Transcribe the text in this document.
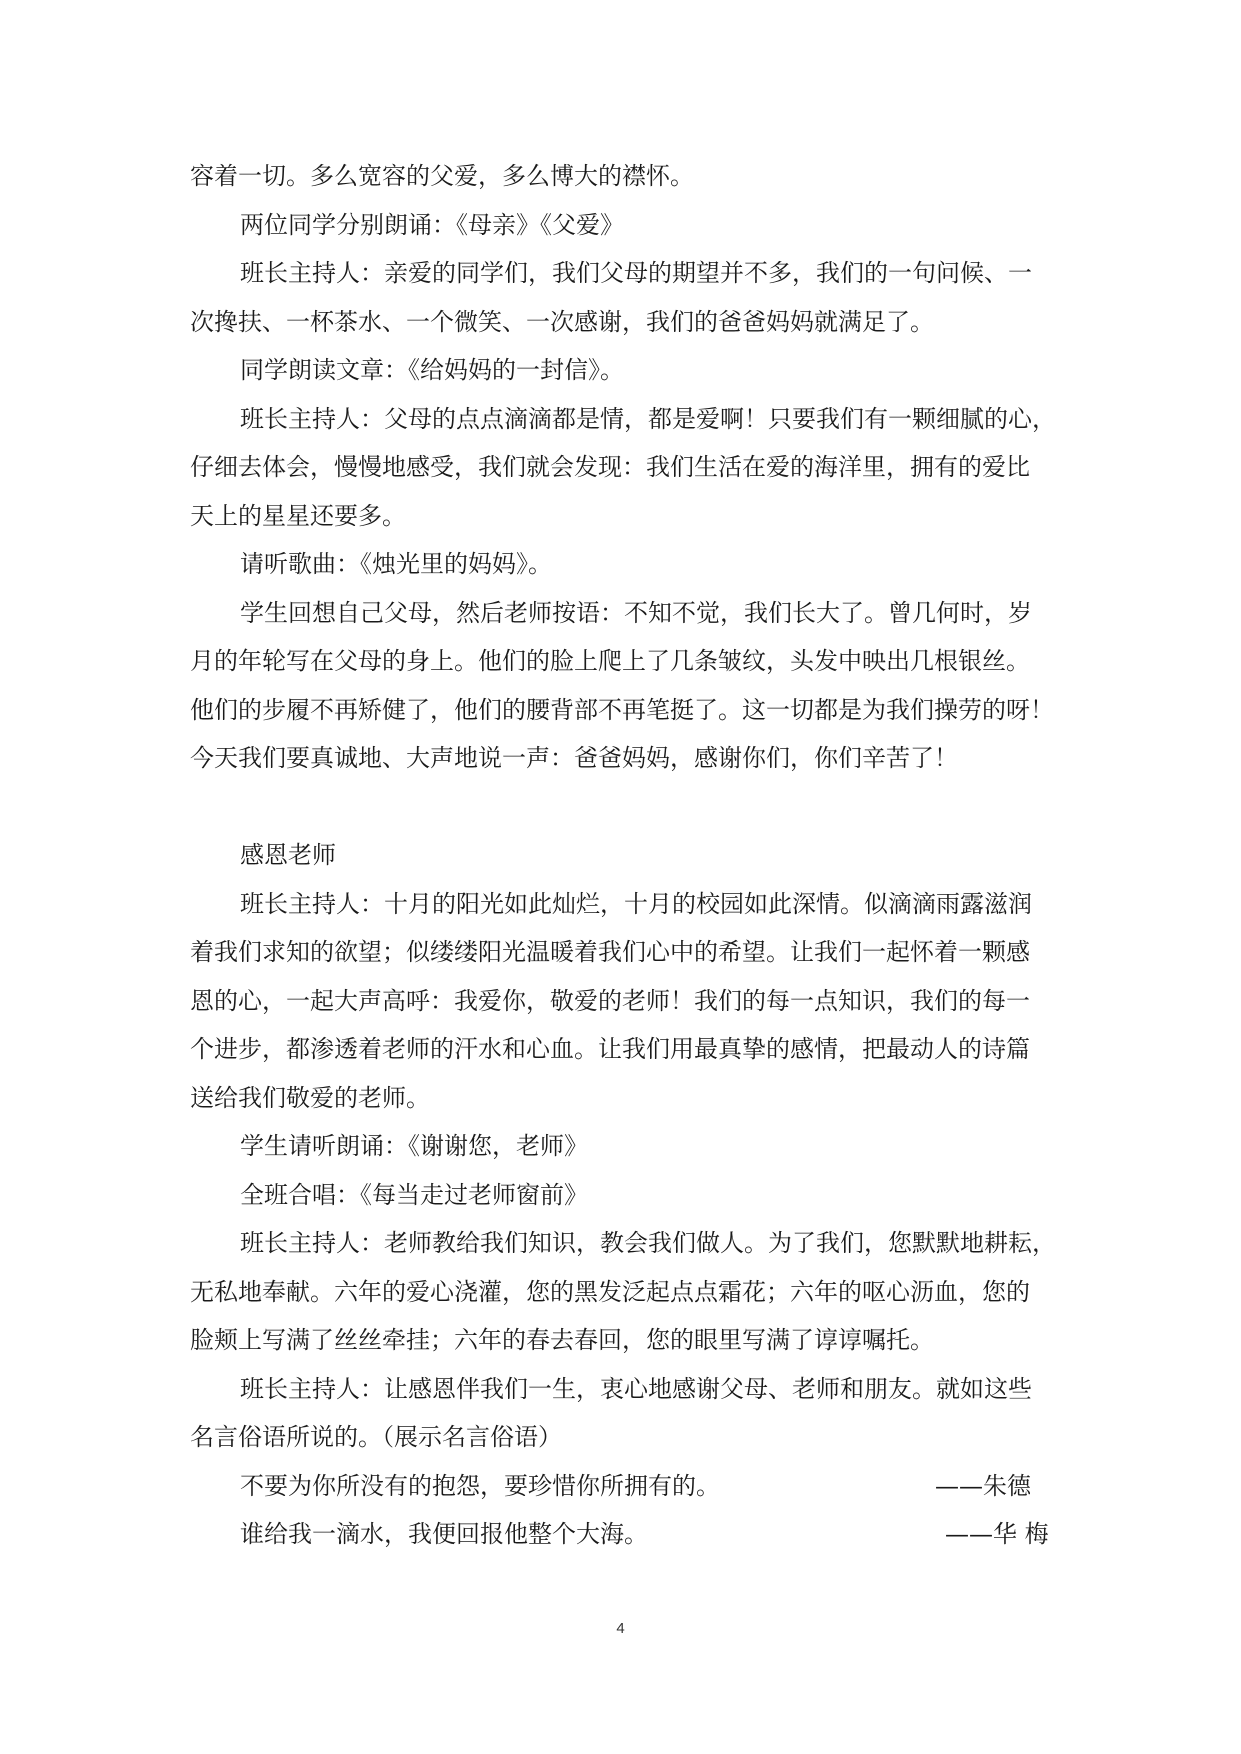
容着一切。多么宽容的父爱，多么博大的襟怀。
两位同学分别朗诵：《母亲》《父爱》
班长主持人：亲爱的同学们，我们父母的期望并不多，我们的一句问候、一
次搀扶、一杯茶水、一个微笑、一次感谢，我们的爸爸妈妈就满足了。
同学朗读文章：《给妈妈的一封信》。
班长主持人：父母的点点滴滴都是情，都是爱啊！只要我们有一颗细腻的心，
仔细去体会，慢慢地感受，我们就会发现：我们生活在爱的海洋里，拥有的爱比
天上的星星还要多。
请听歌曲：《烛光里的妈妈》。
学生回想自己父母，然后老师按语：不知不觉，我们长大了。曾几何时，岁
月的年轮写在父母的身上。他们的脸上爬上了几条皱纹，头发中映出几根银丝。
他们的步履不再矫健了，他们的腰背部不再笔挺了。这一切都是为我们操劳的呀！
今天我们要真诚地、大声地说一声：爸爸妈妈，感谢你们，你们辛苦了！
感恩老师
班长主持人：十月的阳光如此灿烂，十月的校园如此深情。似滴滴雨露滋润
着我们求知的欲望；似缕缕阳光温暖着我们心中的希望。让我们一起怀着一颗感
恩的心，一起大声高呼：我爱你，敬爱的老师！我们的每一点知识，我们的每一
个进步，都渗透着老师的汗水和心血。让我们用最真挚的感情，把最动人的诗篇
送给我们敬爱的老师。
学生请听朗诵：《谢谢您，老师》
全班合唱：《每当走过老师窗前》
班长主持人：老师教给我们知识，教会我们做人。为了我们，您默默地耕耘，
无私地奉献。六年的爱心浇灌，您的黑发泛起点点霜花；六年的呕心沥血，您的
脸颊上写满了丝丝牵挂；六年的春去春回，您的眼里写满了谆谆嘱托。
班长主持人：让感恩伴我们一生，衷心地感谢父母、老师和朋友。就如这些
名言俗语所说的。（展示名言俗语）
不要为你所没有的抱怨，要珍惜你所拥有的。	——朱德
谁给我一滴水，我便回报他整个大海。	——华 梅
4
